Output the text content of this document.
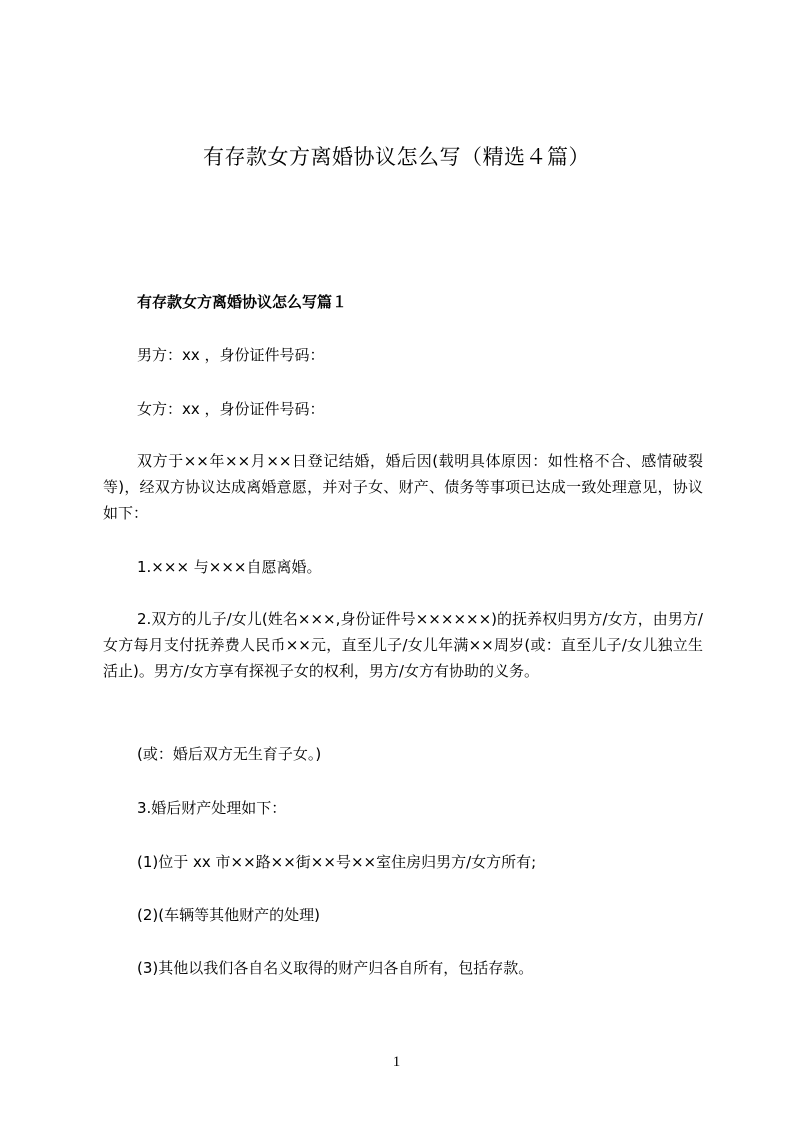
有存款女方离婚协议怎么写（精选４篇）
有存款女方离婚协议怎么写篇１
男方：xx ，身份证件号码：
女方：xx ，身份证件号码：
双方于××年××月××日登记结婚，婚后因(载明具体原因：如性格不合、感情破裂等)，经双方协议达成离婚意愿，并对子女、财产、债务等事项已达成一致处理意见，协议如下：
1.××× 与×××自愿离婚。
2.双方的儿子/女儿(姓名×××,身份证件号××××××)的抚养权归男方/女方，由男方/女方每月支付抚养费人民币××元，直至儿子/女儿年满××周岁(或：直至儿子/女儿独立生活止)。男方/女方享有探视子女的权利，男方/女方有协助的义务。
(或：婚后双方无生育子女。)
3.婚后财产处理如下：
(1)位于 xx 市××路××街××号××室住房归男方/女方所有;
(2)(车辆等其他财产的处理)
(3)其他以我们各自名义取得的财产归各自所有，包括存款。
1
